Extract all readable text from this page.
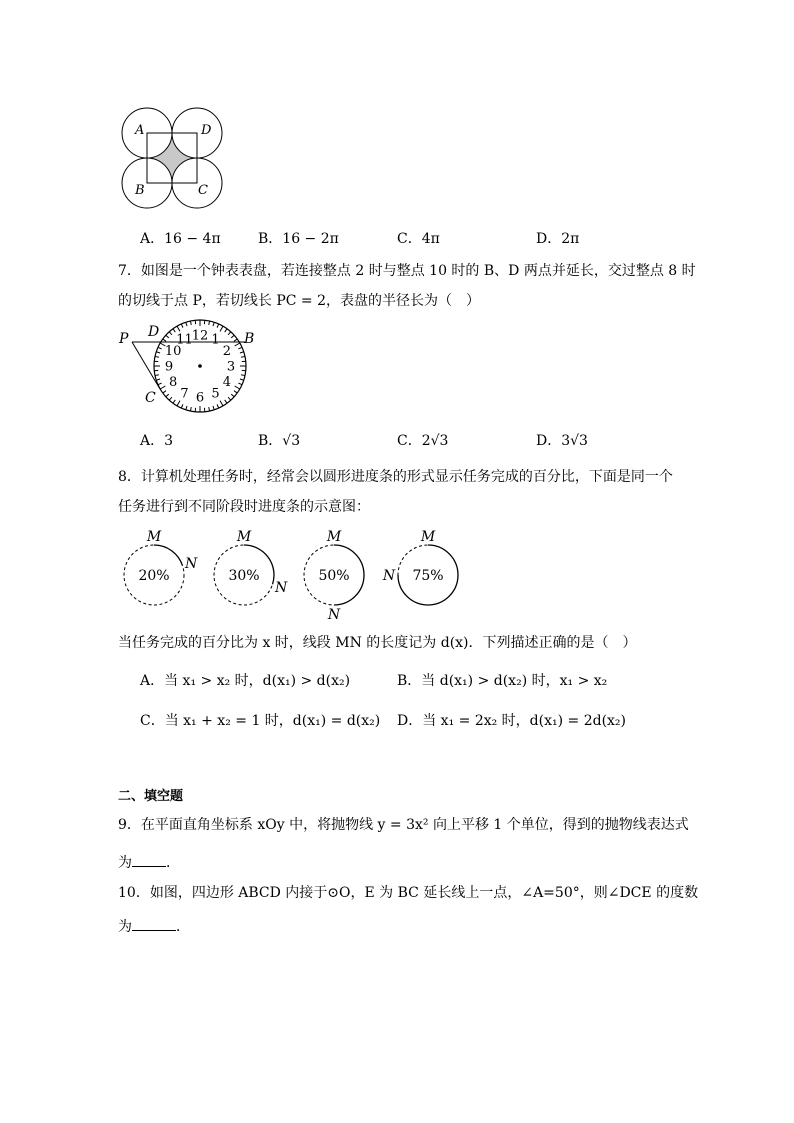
A	D
B	C
A．16 − 4π	B．16 − 2π	C．4π	D．2π
7．如图是一个钟表表盘，若连接整点 2 时与整点 10 时的 B、D 两点并延长，交过整点 8 时
的切线于点 P，若切线长 PC = 2，表盘的半径长为（　）
12 1
2
3
4
5
6
7
8
9
10
11
P D	B
C
A．3	B．√3	C．2√3	D．3√3
8．计算机处理任务时，经常会以圆形进度条的形式显示任务完成的百分比，下面是同一个
任务进行到不同阶段时进度条的示意图：
20%
M
N
30%
M
N
50%
M
N
75%
M
N
当任务完成的百分比为 x 时，线段 MN 的长度记为 d(x)．下列描述正确的是（　）
A．当 x₁ > x₂ 时，d(x₁) > d(x₂)	B．当 d(x₁) > d(x₂) 时，x₁ > x₂
C．当 x₁ + x₂ = 1 时，d(x₁) = d(x₂) D．当 x₁ = 2x₂ 时，d(x₁) = 2d(x₂)
二、填空题
9．在平面直角坐标系 xOy 中，将抛物线 y = 3x² 向上平移 1 个单位，得到的抛物线表达式
为 ．
10．如图，四边形 ABCD 内接于⊙O，E 为 BC 延长线上一点，∠A=50°，则∠DCE 的度数
为	．
